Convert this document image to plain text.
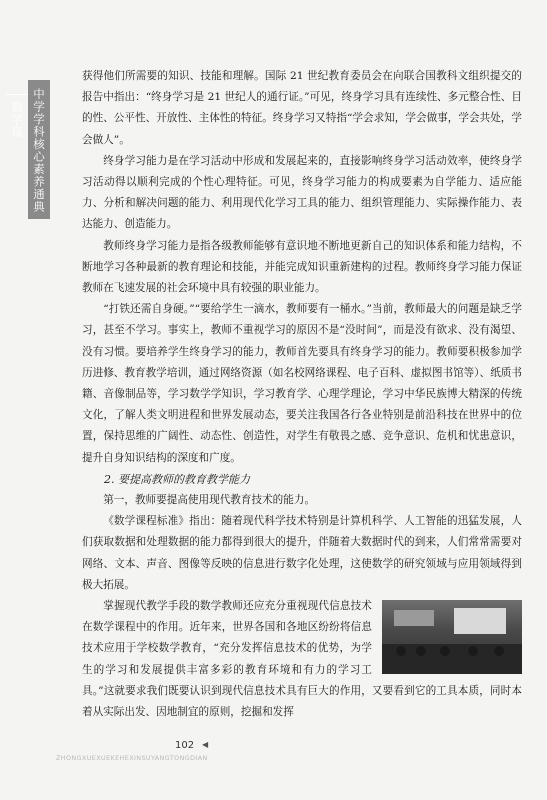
中学学科核心素养通典
数学篇

获得他们所需要的知识、技能和理解。国际 21 世纪教育委员会在向联合国教科文组织提交的报告中指出：“终身学习是 21 世纪人的通行证。”可见，终身学习具有连续性、多元整合性、目的性、公平性、开放性、主体性的特征。终身学习又特指“学会求知，学会做事，学会共处，学会做人”。

终身学习能力是在学习活动中形成和发展起来的，直接影响终身学习活动效率，使终身学习活动得以顺利完成的个性心理特征。可见，终身学习能力的构成要素为自学能力、适应能力、分析和解决问题的能力、利用现代化学习工具的能力、组织管理能力、实际操作能力、表达能力、创造能力。

教师终身学习能力是指各级教师能够有意识地不断地更新自己的知识体系和能力结构，不断地学习各种最新的教育理论和技能，并能完成知识重新建构的过程。教师终身学习能力保证教师在飞速发展的社会环境中具有较强的职业能力。

“打铁还需自身硬。”“要给学生一滴水，教师要有一桶水。”当前，教师最大的问题是缺乏学习，甚至不学习。事实上，教师不重视学习的原因不是“没时间”，而是没有欲求、没有渴望、没有习惯。要培养学生终身学习的能力，教师首先要具有终身学习的能力。教师要积极参加学历进修、教育教学培训，通过网络资源（如名校网络课程、电子百科、虚拟图书馆等）、纸质书籍、音像制品等，学习数学学知识，学习教育学、心理学理论，学习中华民族博大精深的传统文化，了解人类文明进程和世界发展动态，要关注我国各行各业特别是前沿科技在世界中的位置，保持思维的广阔性、动态性、创造性，对学生有敬畏之感、竞争意识、危机和忧患意识，提升自身知识结构的深度和广度。

2. 要提高教师的教育教学能力

第一，教师要提高使用现代教育技术的能力。

《数学课程标准》指出：随着现代科学技术特别是计算机科学、人工智能的迅猛发展，人们获取数据和处理数据的能力都得到很大的提升，伴随着大数据时代的到来，人们常常需要对网络、文本、声音、图像等反映的信息进行数字化处理，这使数学的研究领域与应用领域得到极大拓展。

掌握现代教学手段的数学教师还应充分重视现代信息技术在数学课程中的作用。近年来，世界各国和各地区纷纷将信息技术应用于学校数学教育，“充分发挥信息技术的优势，为学生的学习和发展提供丰富多彩的教育环境和有力的学习工具。”这就要求我们既要认识到现代信息技术具有巨大的作用，又要看到它的工具本质，同时本着从实际出发、因地制宜的原则，挖掘和发挥

102 ◀
ZHONGXUEXUEKEHEXINSUYANGTONGDIAN
